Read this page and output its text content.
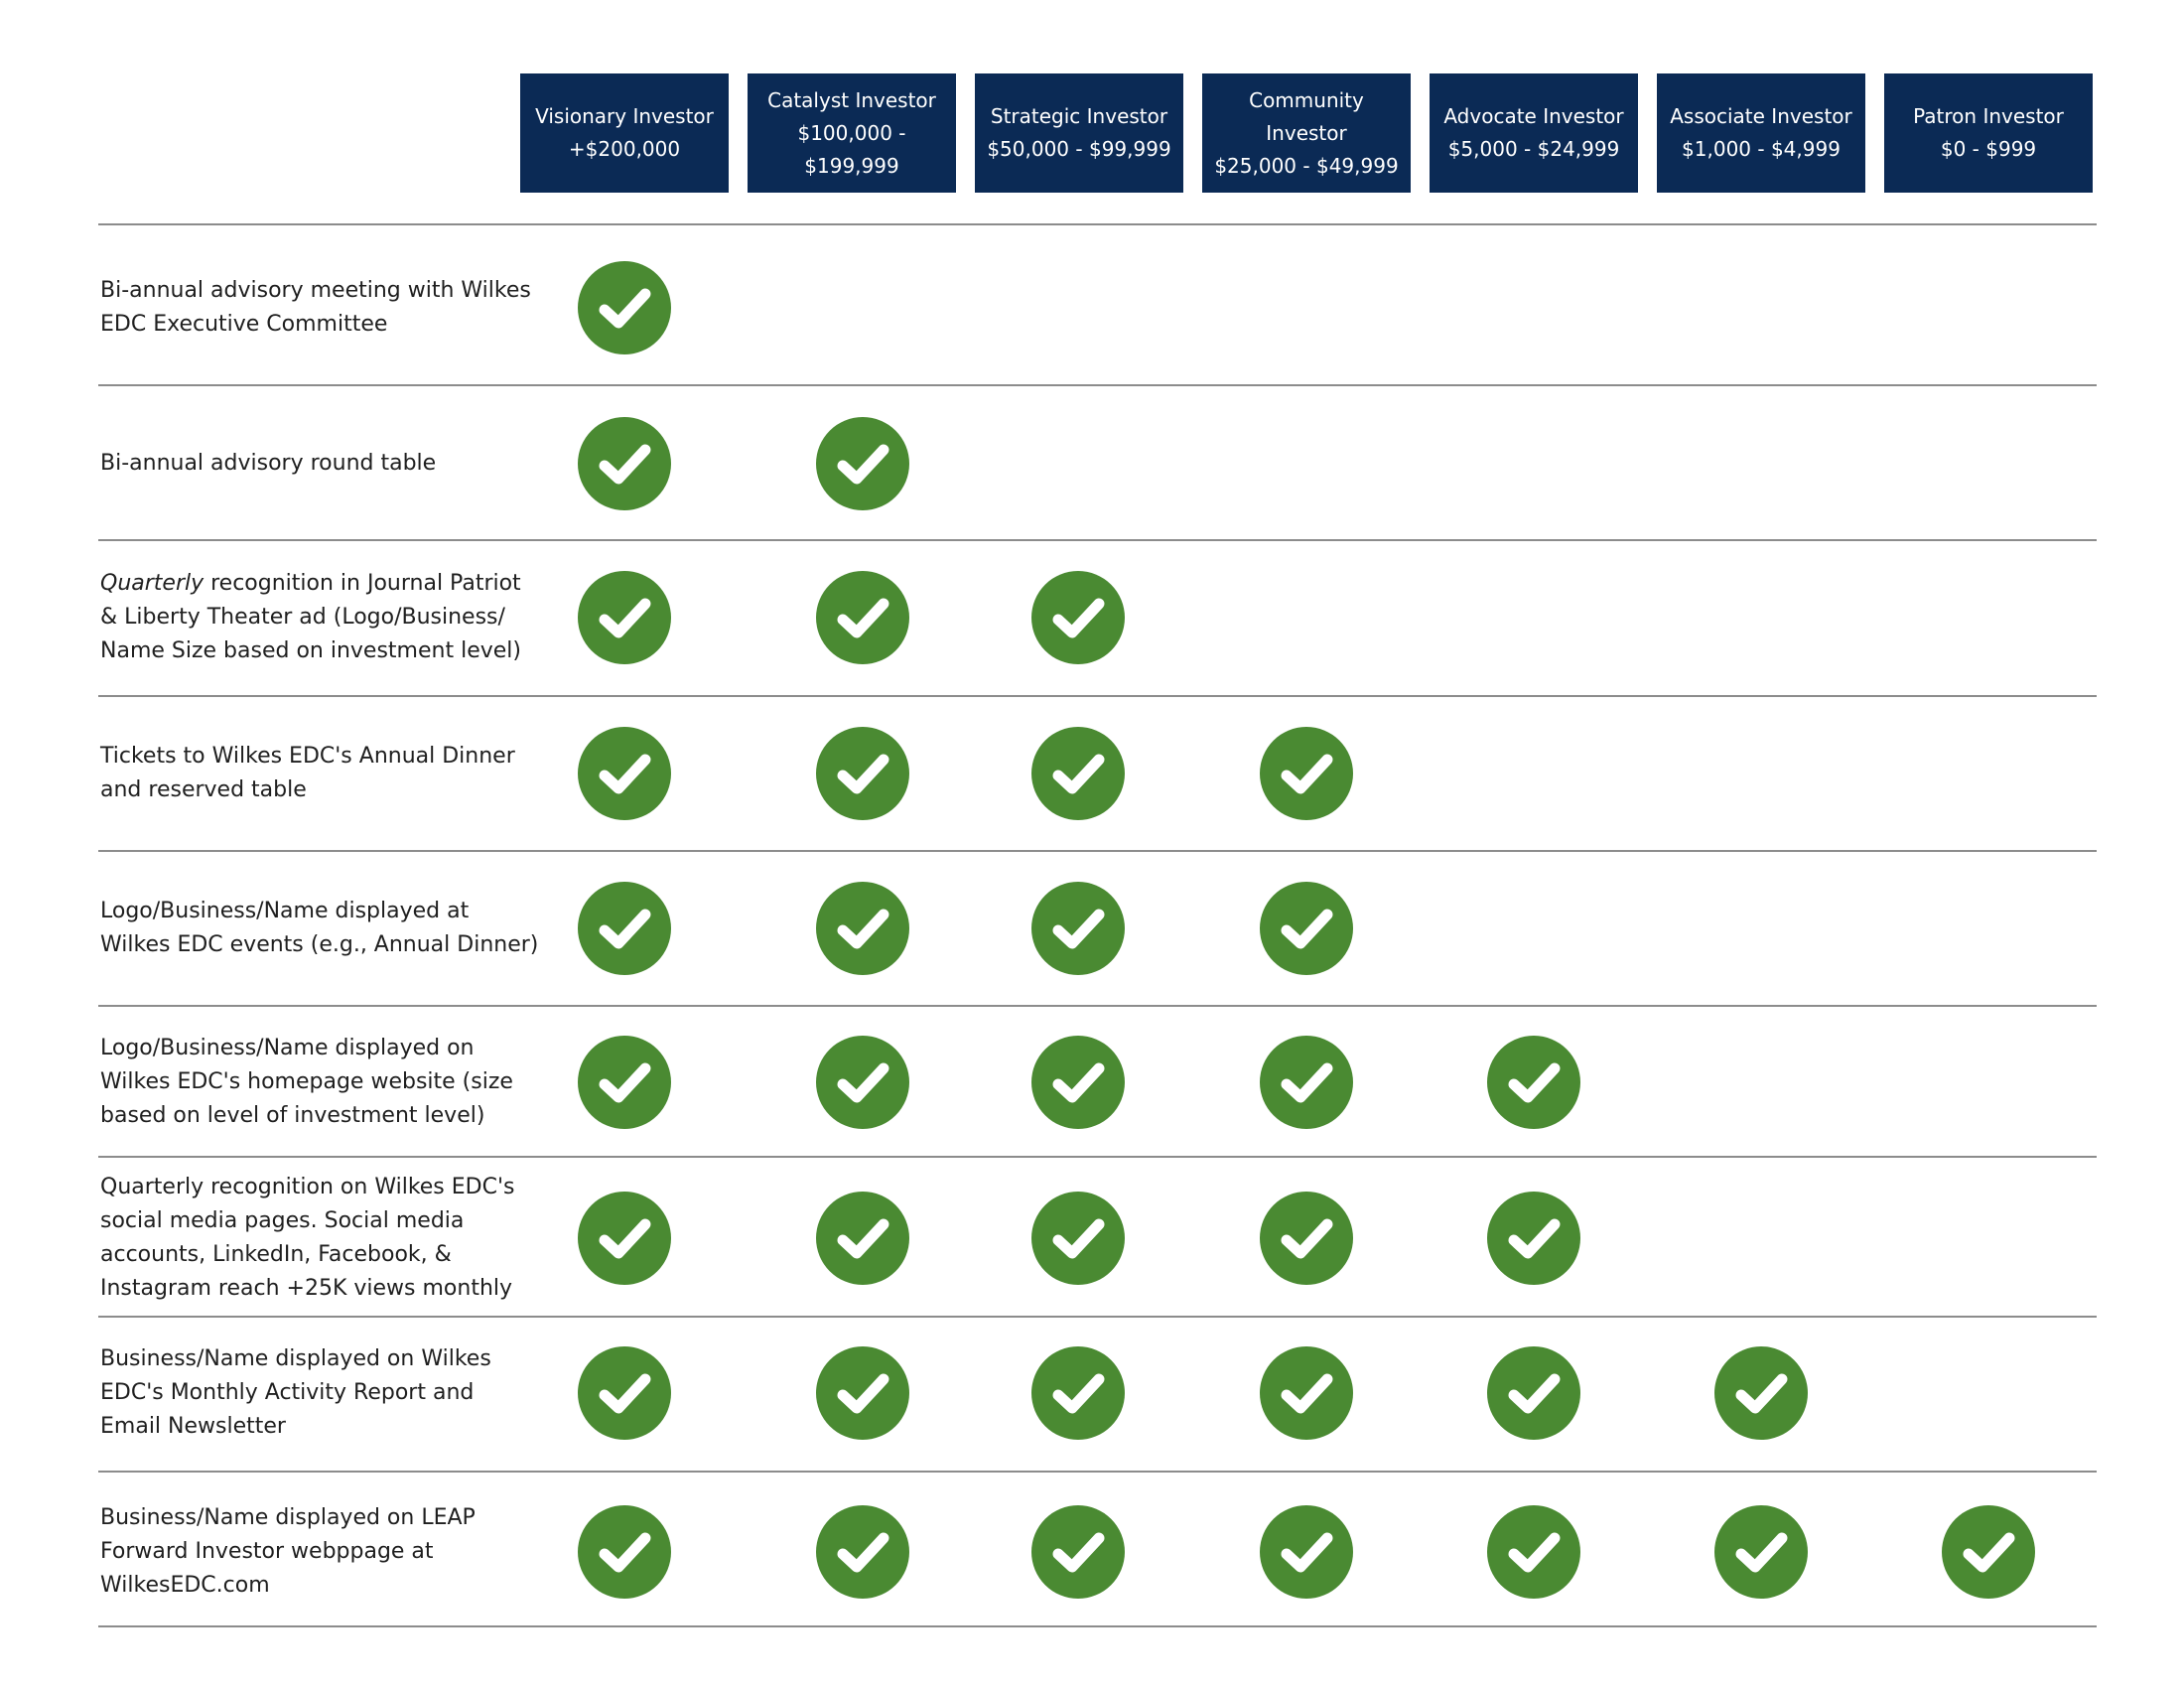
Visionary Investor
+$200,000
Catalyst Investor
$100,000 -
$199,999
Strategic Investor
$50,000 - $99,999
Community
Investor
$25,000 - $49,999
Advocate Investor
$5,000 - $24,999
Associate Investor
$1,000 - $4,999
Patron Investor
$0 - $999
Bi-annual advisory meeting with Wilkes
EDC Executive Committee
Bi-annual advisory round table
Quarterly recognition in Journal Patriot
& Liberty Theater ad (Logo/Business/
Name Size based on investment level)
Tickets to Wilkes EDC's Annual Dinner
and reserved table
Logo/Business/Name displayed at
Wilkes EDC events (e.g., Annual Dinner)
Logo/Business/Name displayed on
Wilkes EDC's homepage website (size
based on level of investment level)
Quarterly recognition on Wilkes EDC's
social media pages. Social media
accounts, LinkedIn, Facebook, &
Instagram reach +25K views monthly
Business/Name displayed on Wilkes
EDC's Monthly Activity Report and
Email Newsletter
Business/Name displayed on LEAP
Forward Investor webppage at
WilkesEDC.com
